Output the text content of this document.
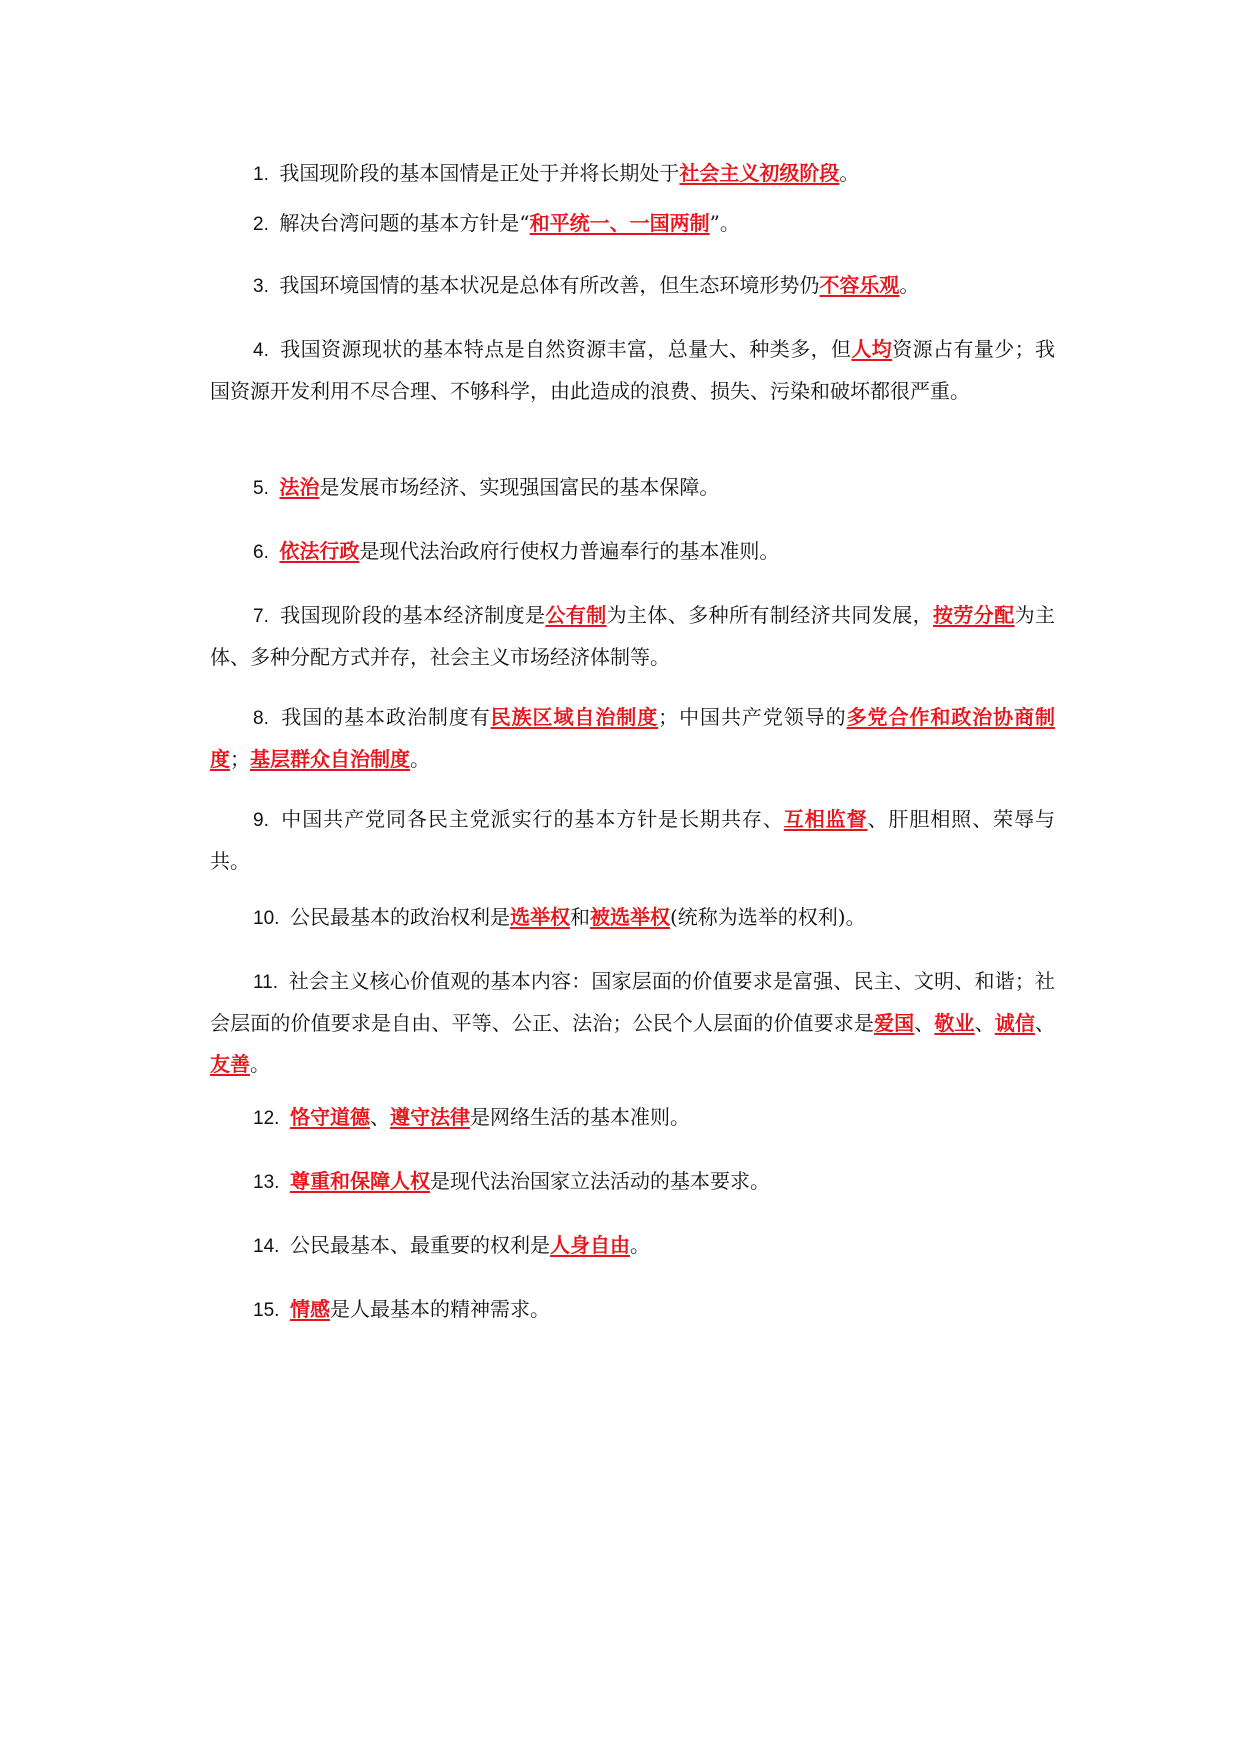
1. 我国现阶段的基本国情是正处于并将长期处于社会主义初级阶段。

2. 解决台湾问题的基本方针是“和平统一、一国两制”。

3. 我国环境国情的基本状况是总体有所改善，但生态环境形势仍不容乐观。

4. 我国资源现状的基本特点是自然资源丰富，总量大、种类多，但人均资源占有量少；我国资源开发利用不尽合理、不够科学，由此造成的浪费、损失、污染和破坏都很严重。

5. 法治是发展市场经济、实现强国富民的基本保障。

6. 依法行政是现代法治政府行使权力普遍奉行的基本准则。

7. 我国现阶段的基本经济制度是公有制为主体、多种所有制经济共同发展，按劳分配为主体、多种分配方式并存，社会主义市场经济体制等。

8. 我国的基本政治制度有民族区域自治制度；中国共产党领导的多党合作和政治协商制度；基层群众自治制度。

9. 中国共产党同各民主党派实行的基本方针是长期共存、互相监督、肝胆相照、荣辱与共。

10. 公民最基本的政治权利是选举权和被选举权(统称为选举的权利)。

11. 社会主义核心价值观的基本内容：国家层面的价值要求是富强、民主、文明、和谐；社会层面的价值要求是自由、平等、公正、法治；公民个人层面的价值要求是爱国、敬业、诚信、友善。

12. 恪守道德、遵守法律是网络生活的基本准则。

13. 尊重和保障人权是现代法治国家立法活动的基本要求。

14. 公民最基本、最重要的权利是人身自由。

15. 情感是人最基本的精神需求。
